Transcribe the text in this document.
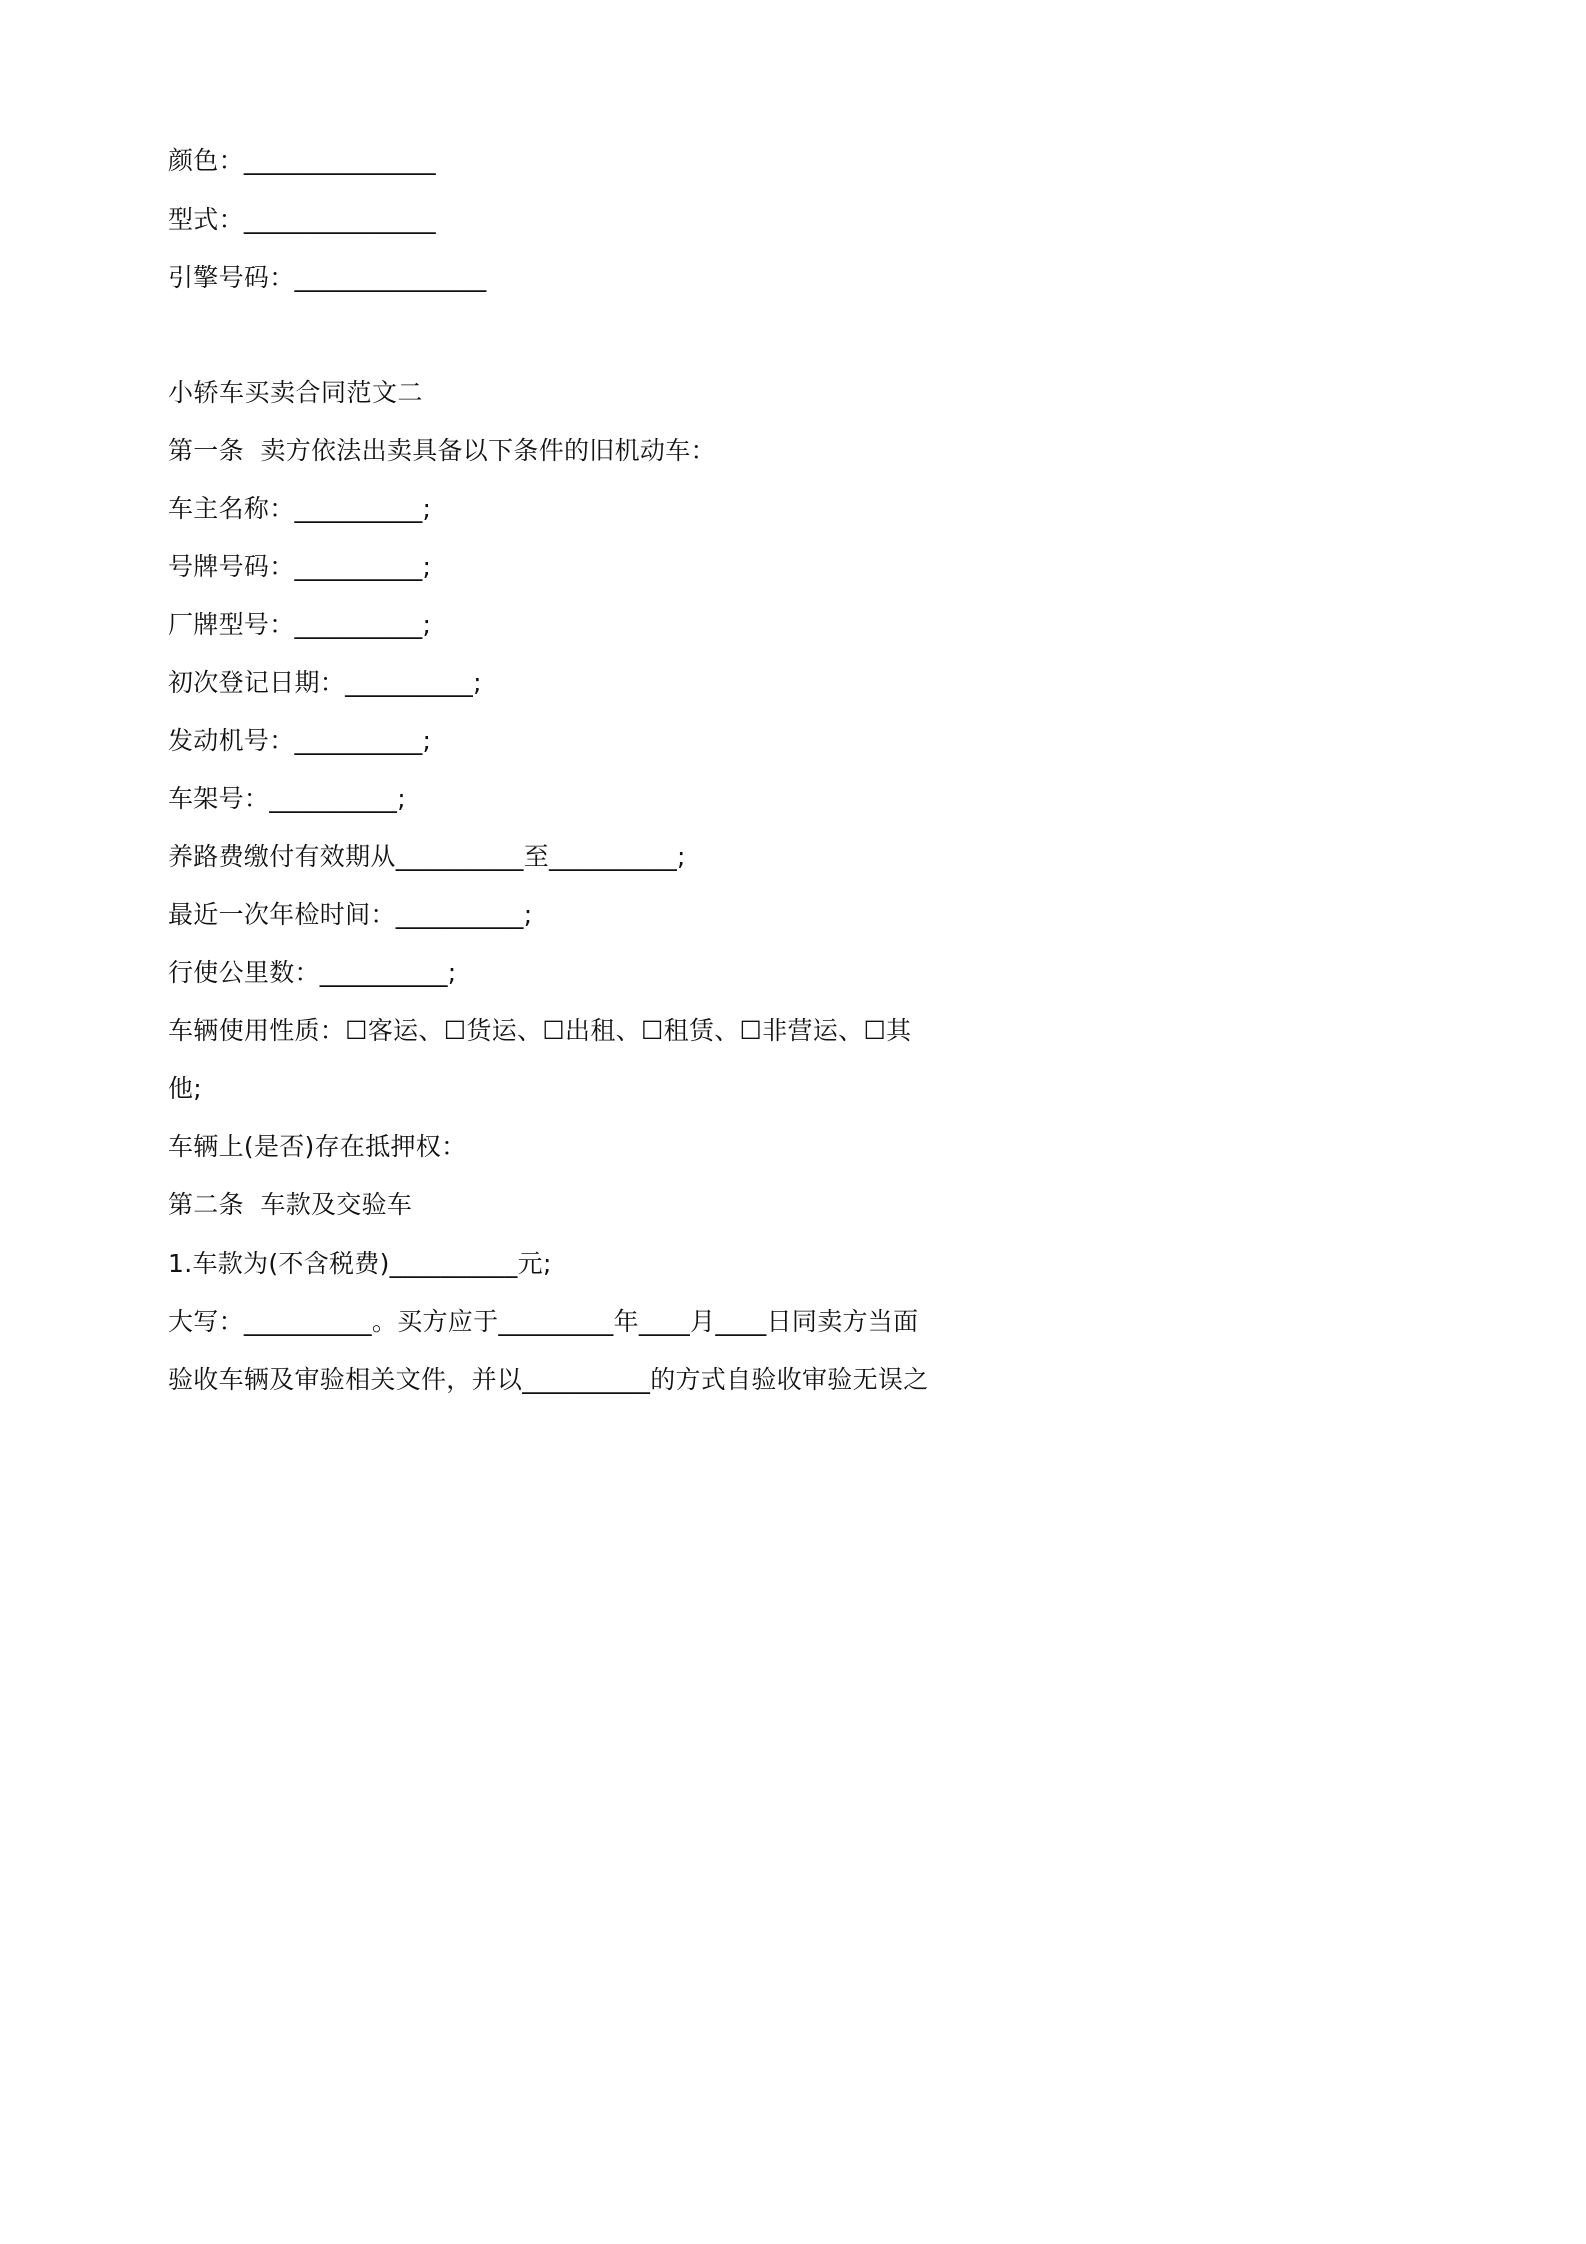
颜色：_______________
型式：_______________
引擎号码：_______________
小轿车买卖合同范文二
第一条  卖方依法出卖具备以下条件的旧机动车：
车主名称：__________;
号牌号码：__________;
厂牌型号：__________;
初次登记日期：__________;
发动机号：__________;
车架号：__________;
养路费缴付有效期从__________至__________;
最近一次年检时间：__________;
行使公里数：__________;
车辆使用性质：☐客运、☐货运、☐出租、☐租赁、☐非营运、☐其
他;
车辆上(是否)存在抵押权：
第二条  车款及交验车
1.车款为(不含税费)__________元;
大写：__________。买方应于_________年____月____日同卖方当面
验收车辆及审验相关文件，并以__________的方式自验收审验无误之
